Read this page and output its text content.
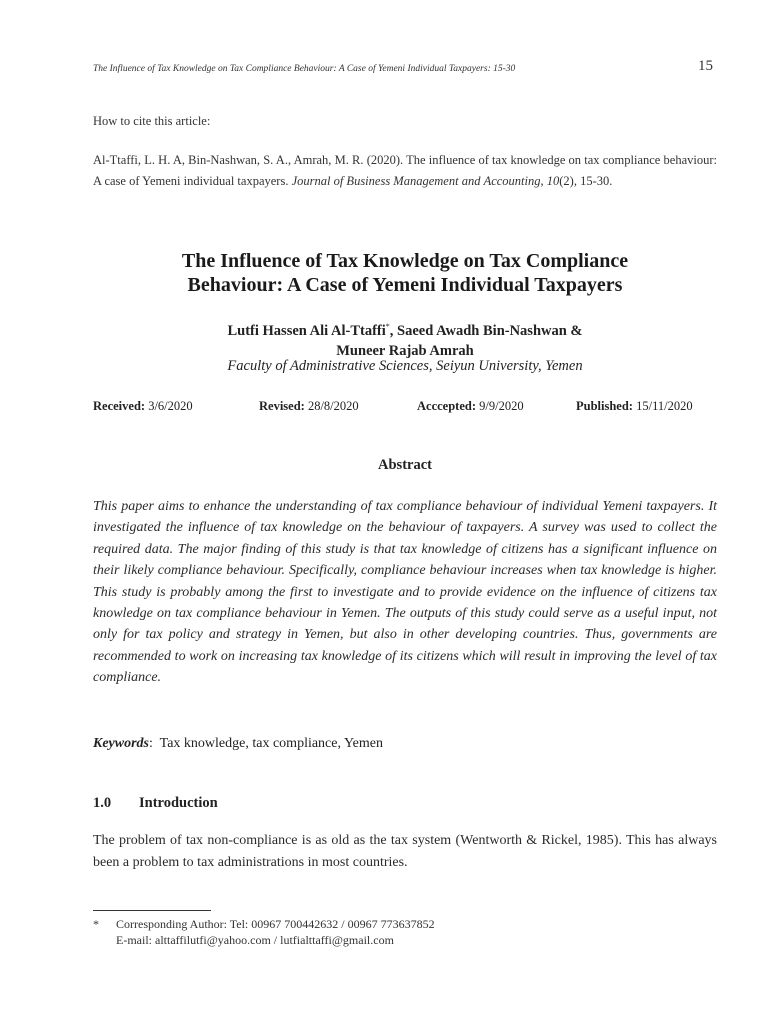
The Influence of Tax Knowledge on Tax Compliance Behaviour: A Case of Yemeni Individual Taxpayers: 15-30	15
How to cite this article:
Al-Ttaffi, L. H. A, Bin-Nashwan, S. A., Amrah, M. R. (2020). The influence of tax knowledge on tax compliance behaviour: A case of Yemeni individual taxpayers. Journal of Business Management and Accounting, 10(2), 15-30.
The Influence of Tax Knowledge on Tax Compliance
Behaviour: A Case of Yemeni Individual Taxpayers
Lutfi Hassen Ali Al-Ttaffi*, Saeed Awadh Bin-Nashwan &
Muneer Rajab Amrah
Faculty of Administrative Sciences, Seiyun University, Yemen
Received: 3/6/2020	Revised: 28/8/2020	Acccepted: 9/9/2020	Published: 15/11/2020
Abstract
This paper aims to enhance the understanding of tax compliance behaviour of individual Yemeni taxpayers. It investigated the influence of tax knowledge on the behaviour of taxpayers. A survey was used to collect the required data. The major finding of this study is that tax knowledge of citizens has a significant influence on their likely compliance behaviour. Specifically, compliance behaviour increases when tax knowledge is higher. This study is probably among the first to investigate and to provide evidence on the influence of citizens tax knowledge on tax compliance behaviour in Yemen. The outputs of this study could serve as a useful input, not only for tax policy and strategy in Yemen, but also in other developing countries. Thus, governments are recommended to work on increasing tax knowledge of its citizens which will result in improving the level of tax compliance.
Keywords: Tax knowledge, tax compliance, Yemen
1.0 Introduction
The problem of tax non-compliance is as old as the tax system (Wentworth & Rickel, 1985). This has always been a problem to tax administrations in most countries.
* Corresponding Author: Tel: 00967 700442632 / 00967 773637852
E-mail: alttaffilutfi@yahoo.com / lutfialttaffi@gmail.com
